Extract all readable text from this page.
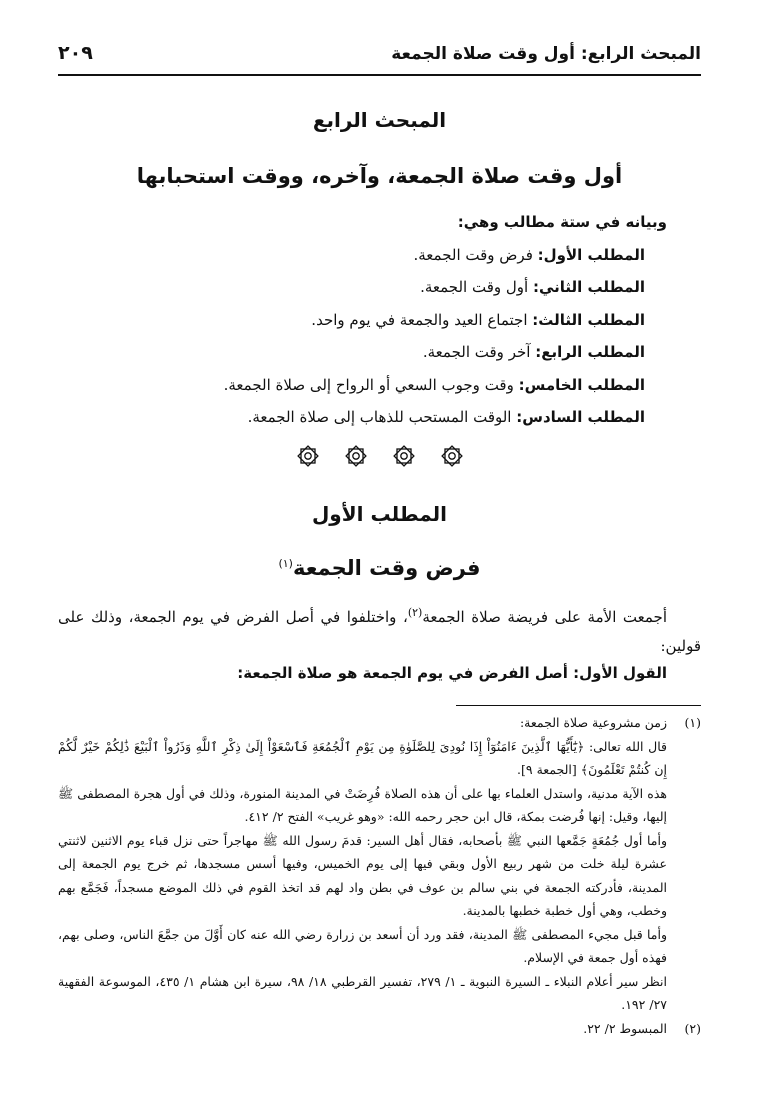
المبحث الرابع: أول وقت صلاة الجمعة
٢٠٩
المبحث الرابع
أول وقت صلاة الجمعة، وآخره، ووقت استحبابها
وبيانه في ستة مطالب وهي:
المطلب الأول: فرض وقت الجمعة.
المطلب الثاني: أول وقت الجمعة.
المطلب الثالث: اجتماع العيد والجمعة في يوم واحد.
المطلب الرابع: آخر وقت الجمعة.
المطلب الخامس: وقت وجوب السعي أو الرواح إلى صلاة الجمعة.
المطلب السادس: الوقت المستحب للذهاب إلى صلاة الجمعة.
المطلب الأول
فرض وقت الجمعة$^{(١)}$
أجمعت الأمة على فريضة صلاة الجمعة$^{(٢)}$، واختلفوا في أصل الفرض في يوم الجمعة، وذلك على قولين:
القول الأول: أصل الفرض في يوم الجمعة هو صلاة الجمعة:
(١)

زمن مشروعية صلاة الجمعة:

قال الله تعالى: ﴿يَٰٓأَيُّهَا ٱلَّذِينَ ءَامَنُوٓاْ إِذَا نُودِىَ لِلصَّلَوٰةِ مِن يَوْمِ ٱلْجُمُعَةِ فَٱسْعَوْاْ إِلَىٰ ذِكْرِ ٱللَّهِ وَذَرُواْ ٱلْبَيْعَ ذَٰلِكُمْ خَيْرٌ لَّكُمْ إِن كُنتُمْ تَعْلَمُونَ﴾ [الجمعة ٩].

هذه الآية مدنية، واستدل العلماء بها على أن هذه الصلاة فُرِضَتْ في المدينة المنورة، وذلك في أول هجرة المصطفى ﷺ إليها، وقيل: إنها فُرضت بمكة، قال ابن حجر رحمه الله: «وهو غريب» الفتح ٢/ ٤١٢.

وأما أول جُمُعَةٍ جَمَّعها النبي ﷺ بأصحابه، فقال أهل السير: قدمَ رسول الله ﷺ مهاجراً حتى نزل قباء يوم الاثنين لاثنتي عشرة ليلة خلت من شهر ربيع الأول وبقي فيها إلى يوم الخميس، وفيها أسس مسجدها، ثم خرج يوم الجمعة إلى المدينة، فأدركته الجمعة في بني سالم بن عوف في بطن واد لهم قد اتخذ القوم في ذلك الموضع مسجداً، فَجَمَّع بهم وخطب، وهي أول خطبة خطبها بالمدينة.

وأما قبل مجيء المصطفى ﷺ المدينة، فقد ورد أن أسعد بن زرارة رضي الله عنه كان أَوَّلَ من جمَّعَ الناس، وصلى بهم، فهذه أول جمعة في الإسلام.

انظر سير أعلام النبلاء ـ السيرة النبوية ـ ١/ ٢٧٩، تفسير القرطبي ١٨/ ٩٨، سيرة ابن هشام ١/ ٤٣٥، الموسوعة الفقهية ٢٧/ ١٩٢.

(٢)

المبسوط ٢/ ٢٢.
